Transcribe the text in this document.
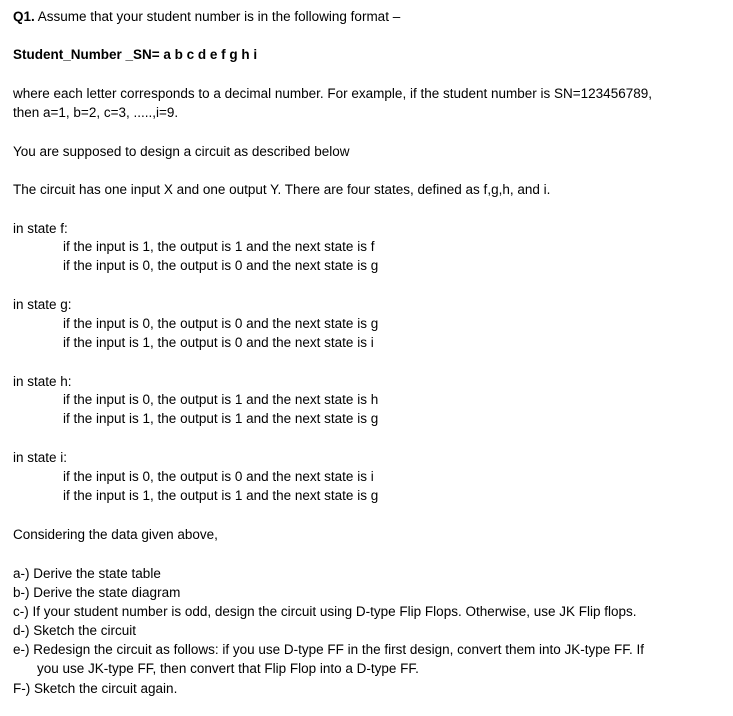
Q1. Assume that your student number is in the following format –
Student_Number _SN= a b c d e f g h i
where each letter corresponds to a decimal number. For example, if the student number is SN=123456789,
then a=1, b=2, c=3, .....,i=9.
You are supposed to design a circuit as described below
The circuit has one input X and one output Y. There are four states, defined as f,g,h, and i.
in state f:
if the input is 1, the output is 1 and the next state is f
if the input is 0, the output is 0 and the next state is g
in state g:
if the input is 0, the output is 0 and the next state is g
if the input is 1, the output is 0 and the next state is i
in state h:
if the input is 0, the output is 1 and the next state is h
if the input is 1, the output is 1 and the next state is g
in state i:
if the input is 0, the output is 0 and the next state is i
if the input is 1, the output is 1 and the next state is g
Considering the data given above,
a-) Derive the state table
b-) Derive the state diagram
c-) If your student number is odd, design the circuit using D-type Flip Flops. Otherwise, use JK Flip flops.
d-) Sketch the circuit
e-) Redesign the circuit as follows: if you use D-type FF in the first design, convert them into JK-type FF. If
you use JK-type FF, then convert that Flip Flop into a D-type FF.
F-) Sketch the circuit again.
